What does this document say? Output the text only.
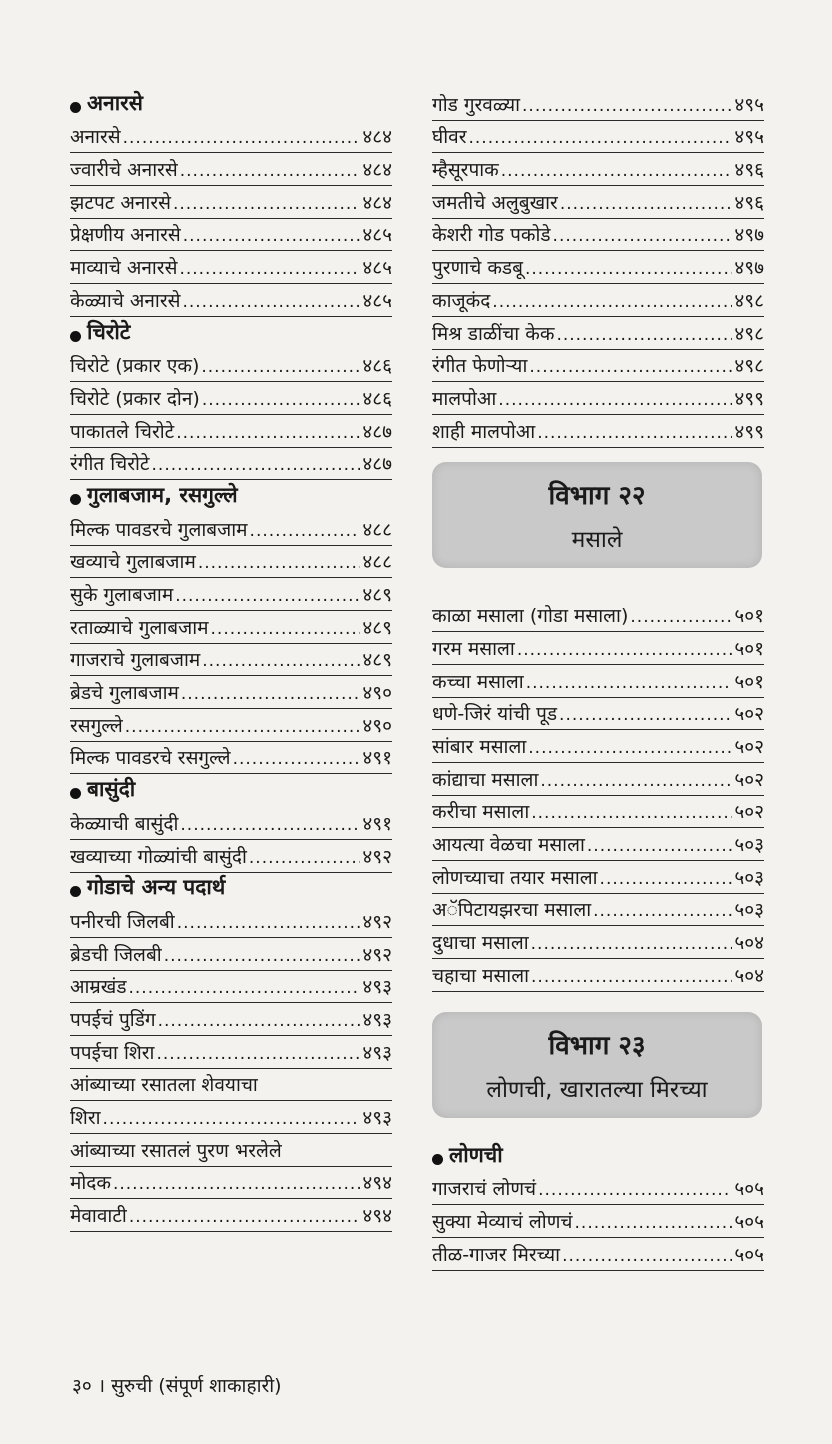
अनारसे
अनारसे .....	४८४
ज्वारीचे अनारसे .....	४८४
झटपट अनारसे .....	४८४
प्रेक्षणीय अनारसे .....	४८५
माव्याचे अनारसे .....	४८५
केळ्याचे अनारसे .....	४८५
चिरोटे
चिरोटे (प्रकार एक) .....	४८६
चिरोटे (प्रकार दोन) .....	४८६
पाकातले चिरोटे .....	४८७
रंगीत चिरोटे .....	४८७
गुलाबजाम, रसगुल्ले
मिल्क पावडरचे गुलाबजाम .....	४८८
खव्याचे गुलाबजाम .....	४८८
सुके गुलाबजाम .....	४८९
रताळ्याचे गुलाबजाम .....	४८९
गाजराचे गुलाबजाम .....	४८९
ब्रेडचे गुलाबजाम .....	४९०
रसगुल्ले .....	४९०
मिल्क पावडरचे रसगुल्ले .....	४९१
बासुंदी
केळ्याची बासुंदी .....	४९१
खव्याच्या गोळ्यांची बासुंदी .....	४९२
गोडाचे अन्य पदार्थ
पनीरची जिलबी .....	४९२
ब्रेडची जिलबी .....	४९२
आम्रखंड .....	४९३
पपईचं पुडिंग .....	४९३
पपईचा शिरा .....	४९३
आंब्याच्या रसातला शेवयाचा
शिरा .....	४९३
आंब्याच्या रसातलं पुरण भरलेले
मोदक .....	४९४
मेवावाटी .....	४९४
गोड गुरवळ्या .....	४९५
घीवर .....	४९५
म्हैसूरपाक .....	४९६
जमतीचे अलुबुखार .....	४९६
केशरी गोड पकोडे .....	४९७
पुरणाचे कडबू .....	४९७
काजूकंद .....	४९८
मिश्र डाळींचा केक .....	४९८
रंगीत फेणोऱ्या .....	४९८
मालपोआ .....	४९९
शाही मालपोआ .....	४९९
विभाग २२
मसाले
काळा मसाला (गोडा मसाला) .....	५०१
गरम मसाला .....	५०१
कच्चा मसाला .....	५०१
धणे-जिरं यांची पूड .....	५०२
सांबार मसाला .....	५०२
कांद्याचा मसाला .....	५०२
करीचा मसाला .....	५०२
आयत्या वेळचा मसाला .....	५०३
लोणच्याचा तयार मसाला .....	५०३
अॅपिटायझरचा मसाला .....	५०३
दुधाचा मसाला .....	५०४
चहाचा मसाला .....	५०४
विभाग २३
लोणची, खारातल्या मिरच्या
लोणची
गाजराचं लोणचं .....	५०५
सुक्या मेव्याचं लोणचं .....	५०५
तीळ-गाजर मिरच्या .....	५०५
३० । सुरुची (संपूर्ण शाकाहारी)
